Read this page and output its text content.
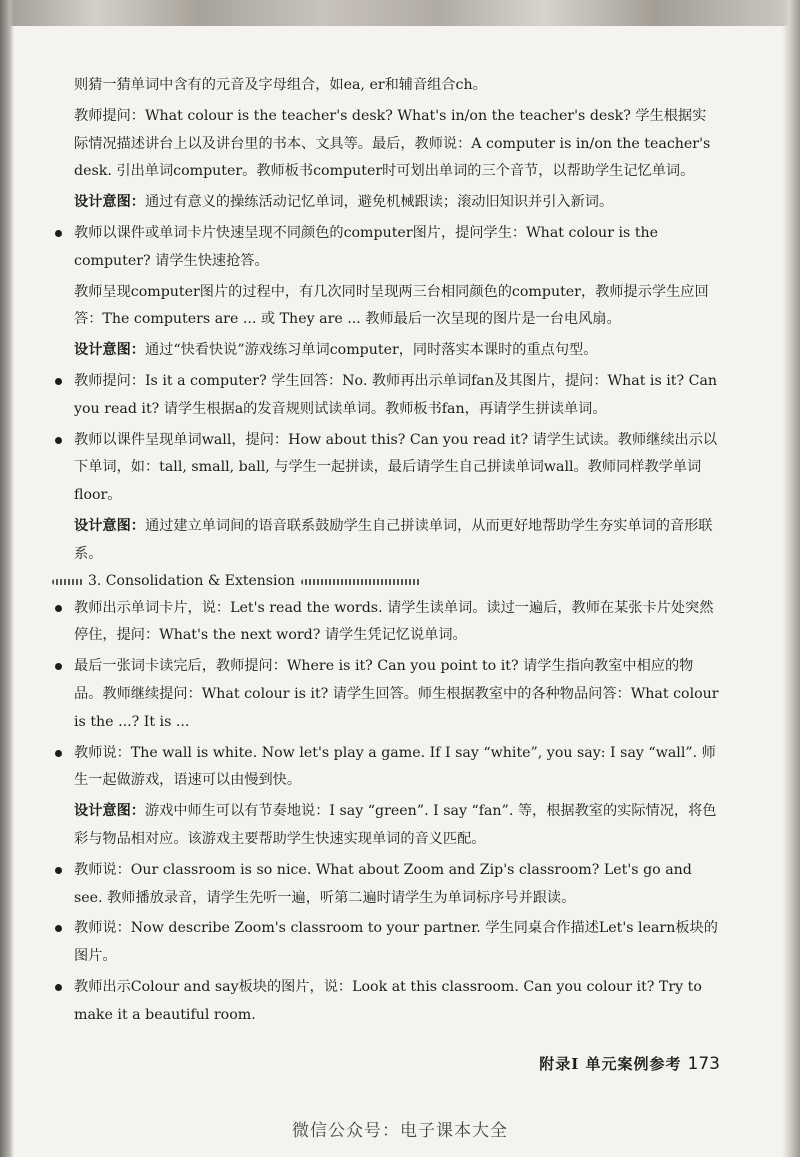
则猜一猜单词中含有的元音及字母组合，如ea, er和辅音组合ch。

教师提问：What colour is the teacher's desk? What's in/on the teacher's desk? 学生根据实际情况描述讲台上以及讲台里的书本、文具等。最后，教师说：A computer is in/on the teacher's desk. 引出单词computer。教师板书computer时可划出单词的三个音节，以帮助学生记忆单词。

设计意图：通过有意义的操练活动记忆单词，避免机械跟读；滚动旧知识并引入新词。

教师以课件或单词卡片快速呈现不同颜色的computer图片，提问学生：What colour is the computer? 请学生快速抢答。

教师呈现computer图片的过程中，有几次同时呈现两三台相同颜色的computer，教师提示学生应回答：The computers are ... 或 They are ... 教师最后一次呈现的图片是一台电风扇。

设计意图：通过“快看快说”游戏练习单词computer，同时落实本课时的重点句型。

教师提问：Is it a computer? 学生回答：No. 教师再出示单词fan及其图片，提问：What is it? Can you read it? 请学生根据a的发音规则试读单词。教师板书fan，再请学生拼读单词。

教师以课件呈现单词wall，提问：How about this? Can you read it? 请学生试读。教师继续出示以下单词，如：tall, small, ball, 与学生一起拼读，最后请学生自己拼读单词wall。教师同样教学单词floor。

设计意图：通过建立单词间的语音联系鼓励学生自己拼读单词，从而更好地帮助学生夯实单词的音形联系。

3. Consolidation & Extension

教师出示单词卡片，说：Let's read the words. 请学生读单词。读过一遍后，教师在某张卡片处突然停住，提问：What's the next word? 请学生凭记忆说单词。

最后一张词卡读完后，教师提问：Where is it? Can you point to it? 请学生指向教室中相应的物品。教师继续提问：What colour is it? 请学生回答。师生根据教室中的各种物品问答：What colour is the ...? It is ...

教师说：The wall is white. Now let's play a game. If I say “white”, you say: I say “wall”. 师生一起做游戏，语速可以由慢到快。

设计意图：游戏中师生可以有节奏地说：I say “green”. I say “fan”. 等，根据教室的实际情况，将色彩与物品相对应。该游戏主要帮助学生快速实现单词的音义匹配。

教师说：Our classroom is so nice. What about Zoom and Zip's classroom? Let's go and see. 教师播放录音，请学生先听一遍，听第二遍时请学生为单词标序号并跟读。

教师说：Now describe Zoom's classroom to your partner. 学生同桌合作描述Let's learn板块的图片。

教师出示Colour and say板块的图片，说：Look at this classroom. Can you colour it? Try to make it a beautiful room.

附录Ⅰ 单元案例参考 173
微信公众号：电子课本大全
